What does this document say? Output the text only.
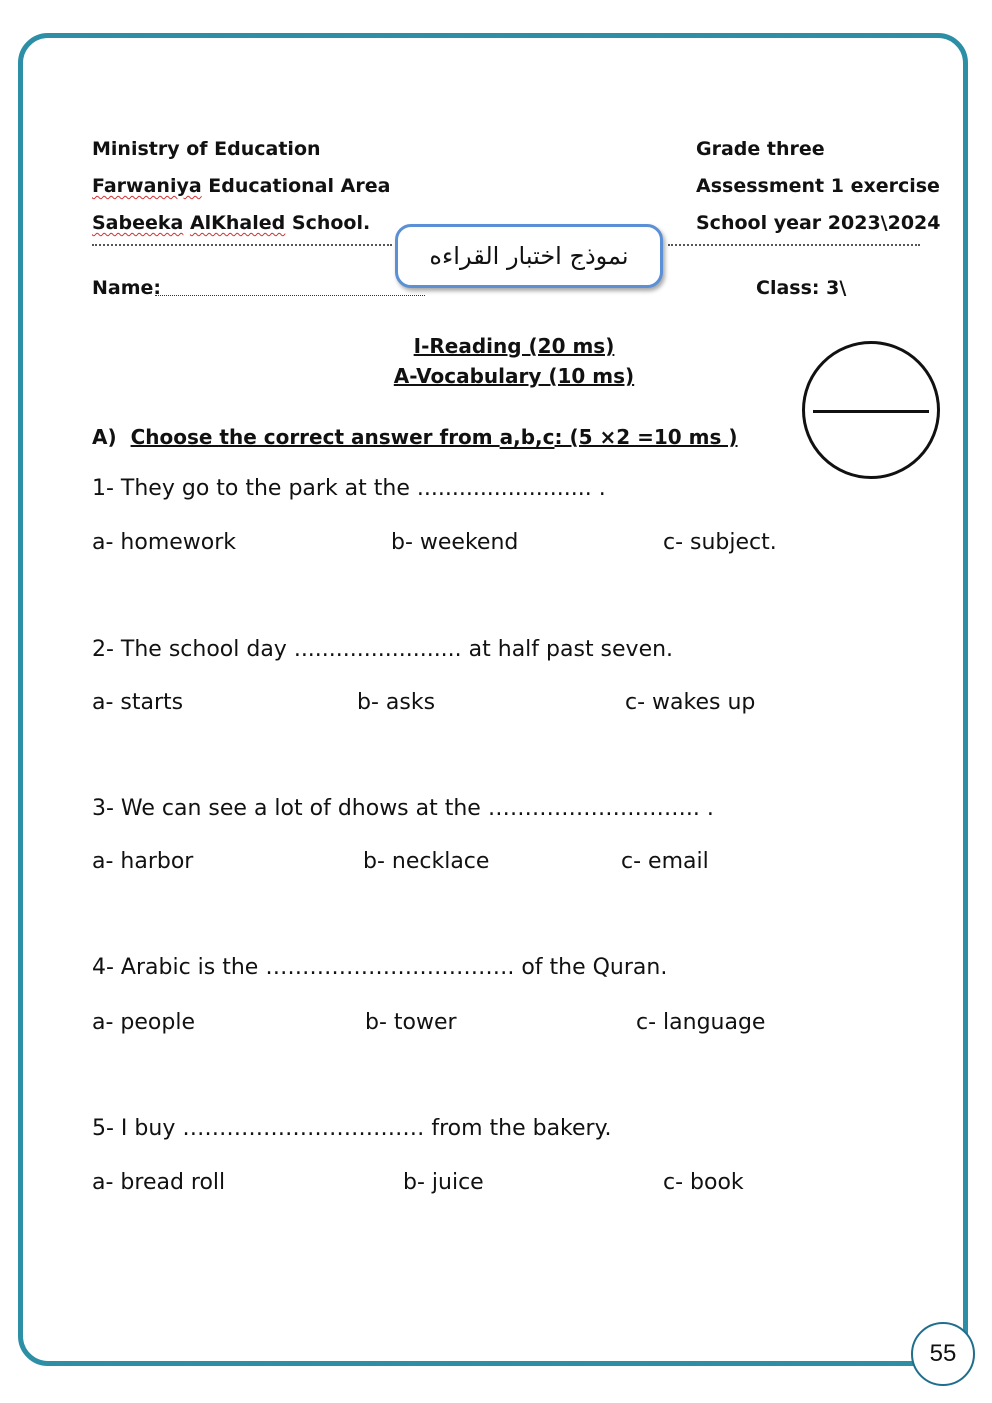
Ministry of Education
Farwaniya Educational Area
Sabeeka AlKhaled School.
Grade three
Assessment 1 exercise
School year 2023\2024
نموذج اختبار القراءه
Name:	Class: 3\
I-Reading (20 ms)
A-Vocabulary (10 ms)
A) Choose the correct answer from a,b,c: (5 ×2 =10 ms )
1- They go to the park at the ......................... .
a- homework	b- weekend	c- subject.
2- The school day ........................ at half past seven.
a- starts	b- asks	c- wakes up
3- We can see a lot of dhows at the ……………………….. .
a- harbor	b- necklace	c- email
4- Arabic is the ……………………………. of the Quran.
a- people	b- tower	c- language
5- I buy …………………………… from the bakery.
a- bread roll	b- juice	c- book
55
